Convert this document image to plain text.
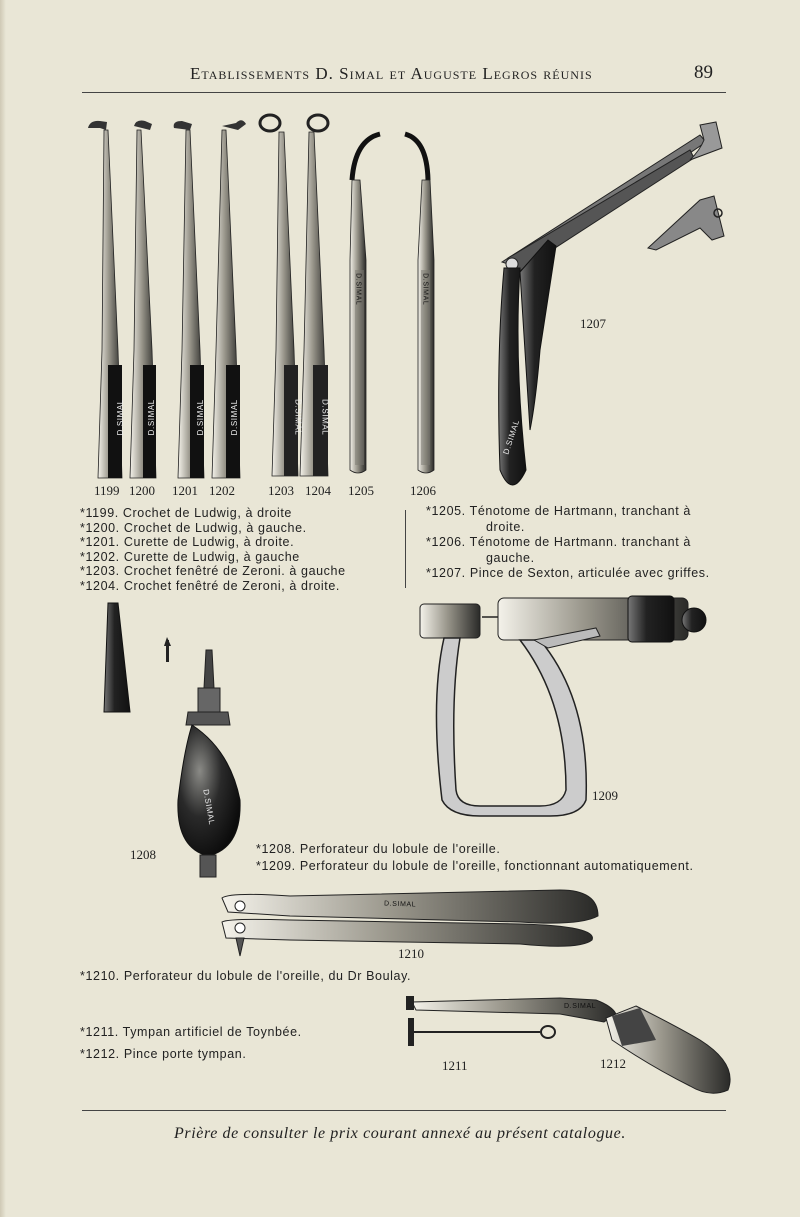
Etablissements D. Simal et Auguste Legros réunis	89
D.SIMAL	D.SIMAL	D.SIMAL	D.SIMAL	D.SIMAL	D.SIMAL
D.SIMAL	D.SIMAL
D.SIMAL
D.SIMAL
D.SIMAL
D.SIMAL
1199 1200 1201 1202	1203 1204 1205	1206
1207
*1199. Crochet de Ludwig, à droite
*1200. Crochet de Ludwig, à gauche.
*1201. Curette de Ludwig, à droite.
*1202. Curette de Ludwig, à gauche
*1203. Crochet fenêtré de Zeroni. à gauche
*1204. Crochet fenêtré de Zeroni, à droite.
*1205. Ténotome de Hartmann, tranchant à
droite.
*1206. Ténotome de Hartmann. tranchant à
gauche.
*1207. Pince de Sexton, articulée avec griffes.
1208
1209
*1208. Perforateur du lobule de l'oreille.
*1209. Perforateur du lobule de l'oreille, fonctionnant automatiquement.
1210
*1210. Perforateur du lobule de l'oreille, du Dr Boulay.
*1211. Tympan artificiel de Toynbée.
*1212. Pince porte tympan.
1211	1212
Prière de consulter le prix courant annexé au présent catalogue.
